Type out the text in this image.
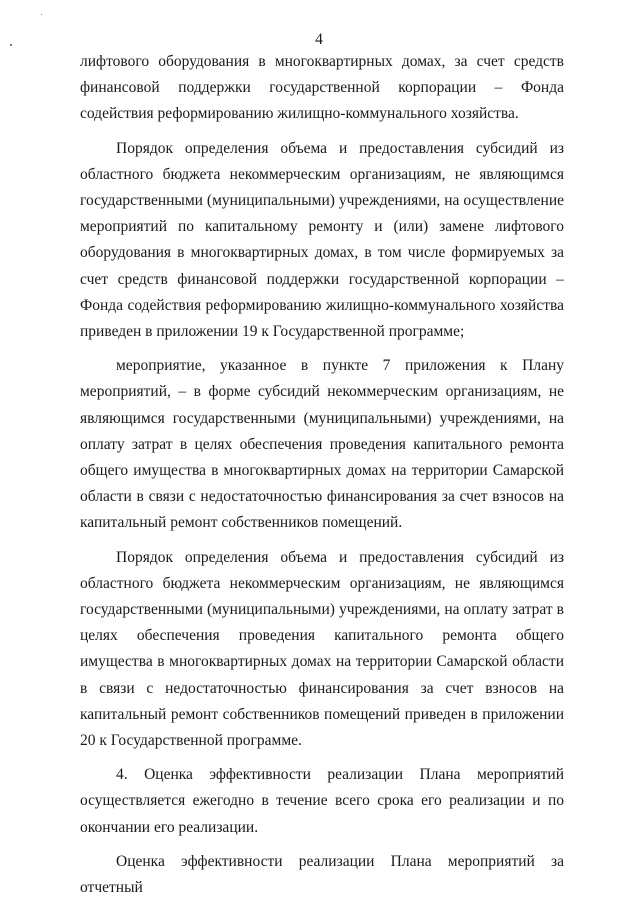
4

лифтового оборудования в многоквартирных домах, за счет средств финансовой поддержки государственной корпорации – Фонда содействия реформированию жилищно-коммунального хозяйства.

Порядок определения объема и предоставления субсидий из областного бюджета некоммерческим организациям, не являющимся государственными (муниципальными) учреждениями, на осуществление мероприятий по капитальному ремонту и (или) замене лифтового оборудования в многоквартирных домах, в том числе формируемых за счет средств финансовой поддержки государственной корпорации – Фонда содействия реформированию жилищно-коммунального хозяйства приведен в приложении 19 к Государственной программе;

мероприятие, указанное в пункте 7 приложения к Плану мероприятий, – в форме субсидий некоммерческим организациям, не являющимся государственными (муниципальными) учреждениями, на оплату затрат в целях обеспечения проведения капитального ремонта общего имущества в многоквартирных домах на территории Самарской области в связи с недостаточностью финансирования за счет взносов на капитальный ремонт собственников помещений.

Порядок определения объема и предоставления субсидий из областного бюджета некоммерческим организациям, не являющимся государственными (муниципальными) учреждениями, на оплату затрат в целях обеспечения проведения капитального ремонта общего имущества в многоквартирных домах на территории Самарской области в связи с недостаточностью финансирования за счет взносов на капитальный ремонт собственников помещений приведен в приложении 20 к Государственной программе.

4. Оценка эффективности реализации Плана мероприятий осуществляется ежегодно в течение всего срока его реализации и по окончании его реализации.

Оценка эффективности реализации Плана мероприятий за отчетный
